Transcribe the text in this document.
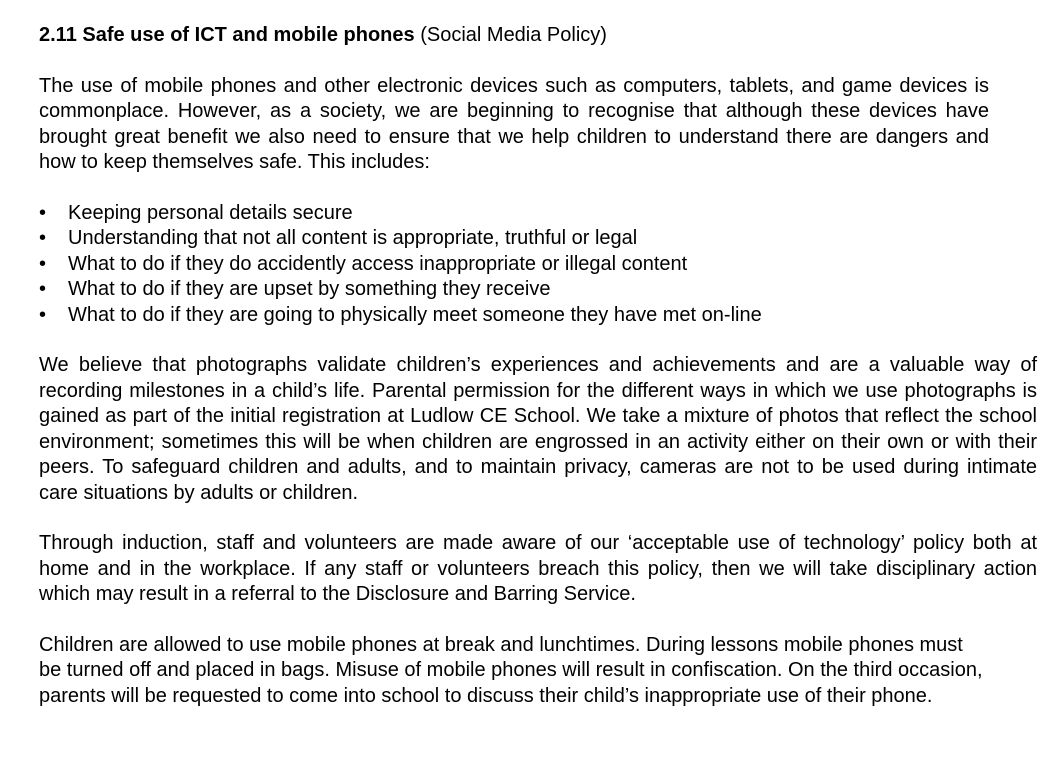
2.11 Safe use of ICT and mobile phones (Social Media Policy)

The use of mobile phones and other electronic devices such as computers, tablets, and game devices is commonplace. However, as a society, we are beginning to recognise that although these devices have brought great benefit we also need to ensure that we help children to understand there are dangers and how to keep themselves safe. This includes:

• Keeping personal details secure
• Understanding that not all content is appropriate, truthful or legal
• What to do if they do accidently access inappropriate or illegal content
• What to do if they are upset by something they receive
• What to do if they are going to physically meet someone they have met on-line

We believe that photographs validate children’s experiences and achievements and are a valuable way of recording milestones in a child’s life. Parental permission for the different ways in which we use photographs is gained as part of the initial registration at Ludlow CE School. We take a mixture of photos that reflect the school environment; sometimes this will be when children are engrossed in an activity either on their own or with their peers. To safeguard children and adults, and to maintain privacy, cameras are not to be used during intimate care situations by adults or children.

Through induction, staff and volunteers are made aware of our ‘acceptable use of technology’ policy both at home and in the workplace. If any staff or volunteers breach this policy, then we will take disciplinary action which may result in a referral to the Disclosure and Barring Service.

Children are allowed to use mobile phones at break and lunchtimes. During lessons mobile phones must be turned off and placed in bags. Misuse of mobile phones will result in confiscation. On the third occasion, parents will be requested to come into school to discuss their child’s inappropriate use of their phone.
